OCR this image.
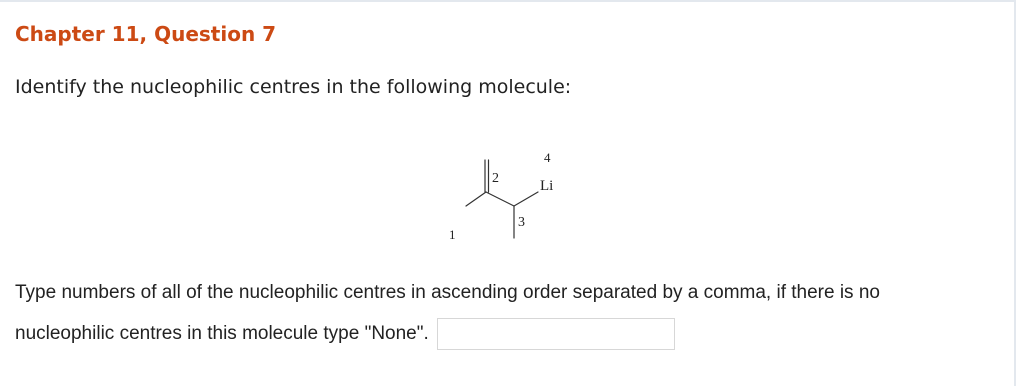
Chapter 11, Question 7
Identify the nucleophilic centres in the following molecule:
1
2
3
4
Li
Type numbers of all of the nucleophilic centres in ascending order separated by a comma, if there is no nucleophilic centres in this molecule type "None".
